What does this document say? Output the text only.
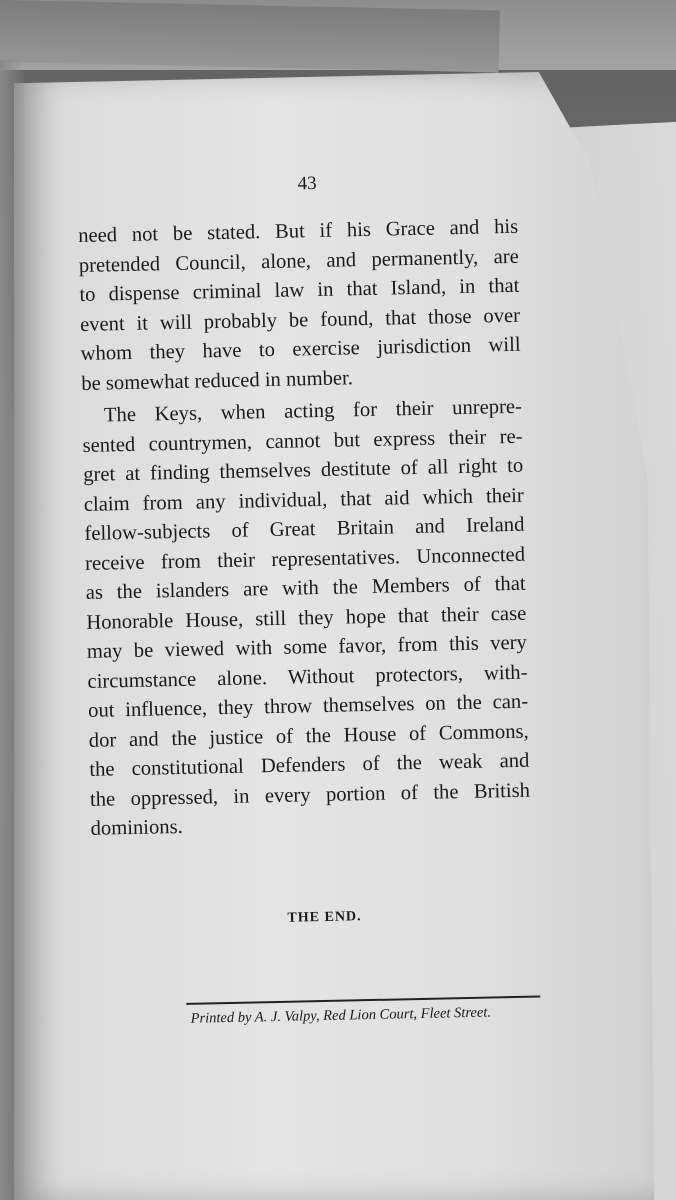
43

need not be stated. But if his Grace and his
pretended Council, alone, and permanently, are
to dispense criminal law in that Island, in that
event it will probably be found, that those over
whom they have to exercise jurisdiction will
be somewhat reduced in number.

The Keys, when acting for their unrepre-
sented countrymen, cannot but express their re-
gret at finding themselves destitute of all right to
claim from any individual, that aid which their
fellow-subjects of Great Britain and Ireland
receive from their representatives. Unconnected
as the islanders are with the Members of that
Honorable House, still they hope that their case
may be viewed with some favor, from this very
circumstance alone. Without protectors, with-
out influence, they throw themselves on the can-
dor and the justice of the House of Commons,
the constitutional Defenders of the weak and
the oppressed, in every portion of the British
dominions.

THE END.
Printed by A. J. Valpy, Red Lion Court, Fleet Street.
